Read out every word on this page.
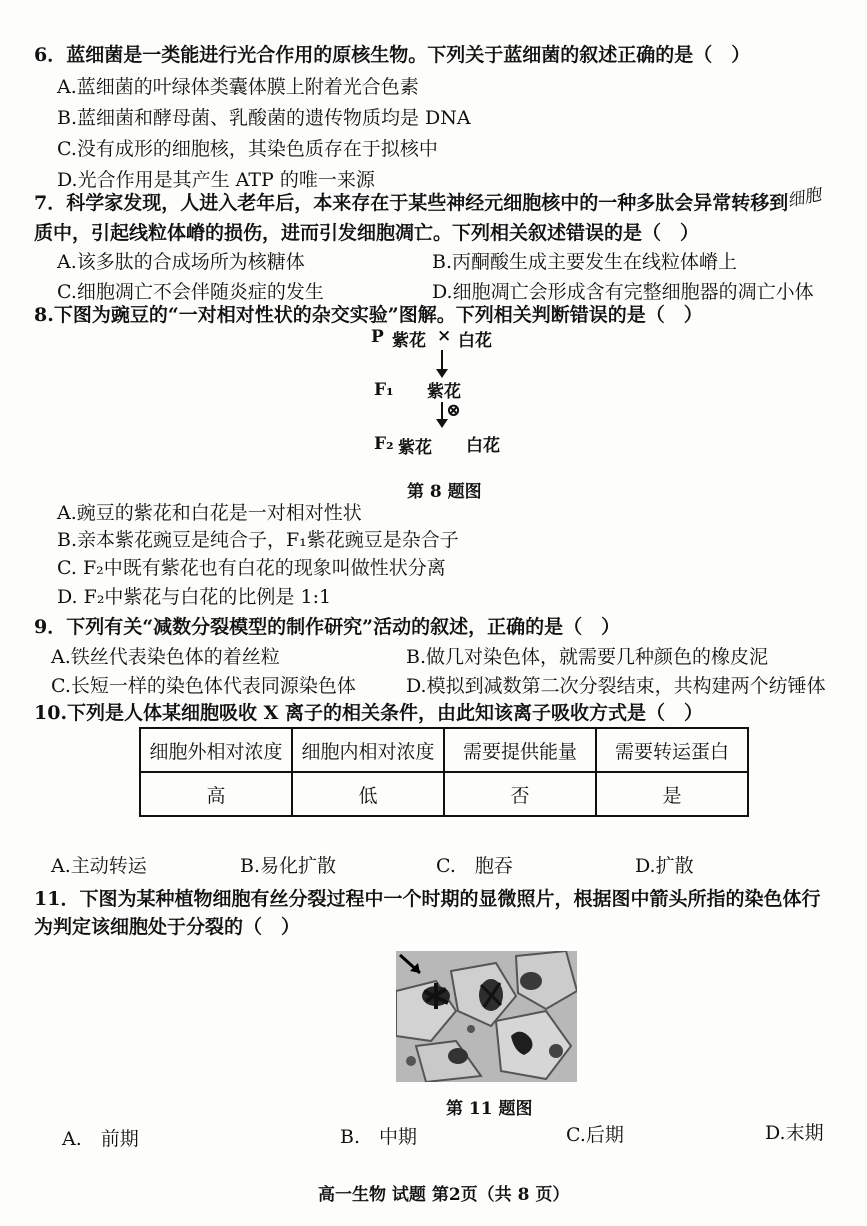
6．蓝细菌是一类能进行光合作用的原核生物。下列关于蓝细菌的叙述正确的是（　）
A.蓝细菌的叶绿体类囊体膜上附着光合色素
B.蓝细菌和酵母菌、乳酸菌的遗传物质均是 DNA
C.没有成形的细胞核，其染色质存在于拟核中
D.光合作用是其产生 ATP 的唯一来源
7．科学家发现，人进入老年后，本来存在于某些神经元细胞核中的一种多肽会异常转移到细胞
质中，引起线粒体嵴的损伤，进而引发细胞凋亡。下列相关叙述错误的是（　）
A.该多肽的合成场所为核糖体	B.丙酮酸生成主要发生在线粒体嵴上
C.细胞凋亡不会伴随炎症的发生	D.细胞凋亡会形成含有完整细胞器的凋亡小体
8.下图为豌豆的“一对相对性状的杂交实验”图解。下列相关判断错误的是（　）
P 紫花 × 白花
F₁ 紫花
⊗
F₂ 紫花 白花
第 8 题图
A.豌豆的紫花和白花是一对相对性状
B.亲本紫花豌豆是纯合子，F₁紫花豌豆是杂合子
C. F₂中既有紫花也有白花的现象叫做性状分离
D. F₂中紫花与白花的比例是 1:1
9．下列有关“减数分裂模型的制作研究”活动的叙述，正确的是（　）
A.铁丝代表染色体的着丝粒	B.做几对染色体，就需要几种颜色的橡皮泥
C.长短一样的染色体代表同源染色体	D.模拟到减数第二次分裂结束，共构建两个纺锤体
10.下列是人体某细胞吸收 X 离子的相关条件，由此知该离子吸收方式是（　）
细胞外相对浓度	细胞内相对浓度	需要提供能量	需要转运蛋白
高	低	否	是
A.主动转运	B.易化扩散	C.　胞吞	D.扩散
11．下图为某种植物细胞有丝分裂过程中一个时期的显微照片，根据图中箭头所指的染色体行
为判定该细胞处于分裂的（　）
第 11 题图
A.　前期	B.　中期	C.后期	D.末期
高一生物 试题 第2页（共 8 页）
